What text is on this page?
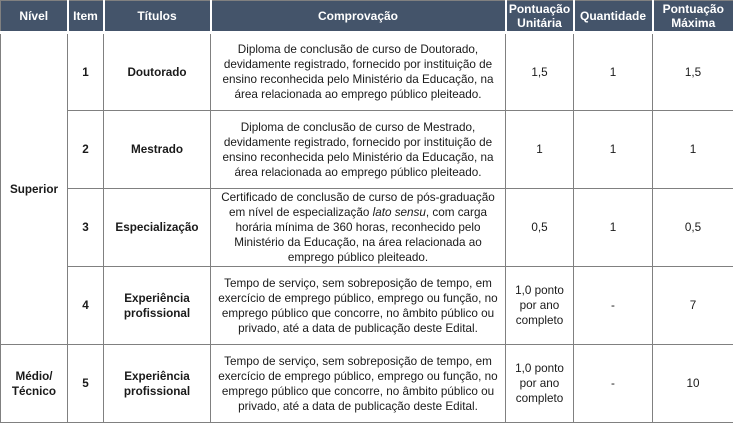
Nível	Item	Títulos	Comprovação	Pontuação Unitária	Quantidade	Pontuação Máxima
Superior	1	Doutorado	Diploma de conclusão de curso de Doutorado, devidamente registrado, fornecido por instituição de ensino reconhecida pelo Ministério da Educação, na área relacionada ao emprego público pleiteado.	1,5	1	1,5
	2	Mestrado	Diploma de conclusão de curso de Mestrado, devidamente registrado, fornecido por instituição de ensino reconhecida pelo Ministério da Educação, na área relacionada ao emprego público pleiteado.	1	1	1
	3	Especialização	Certificado de conclusão de curso de pós-graduação em nível de especialização lato sensu, com carga horária mínima de 360 horas, reconhecido pelo Ministério da Educação, na área relacionada ao emprego público pleiteado.	0,5	1	0,5
	4	Experiência profissional	Tempo de serviço, sem sobreposição de tempo, em exercício de emprego público, emprego ou função, no emprego público que concorre, no âmbito público ou privado, até a data de publicação deste Edital.	1,0 ponto por ano completo	-	7
Médio/ Técnico	5	Experiência profissional	Tempo de serviço, sem sobreposição de tempo, em exercício de emprego público, emprego ou função, no emprego público que concorre, no âmbito público ou privado, até a data de publicação deste Edital.	1,0 ponto por ano completo	-	10
